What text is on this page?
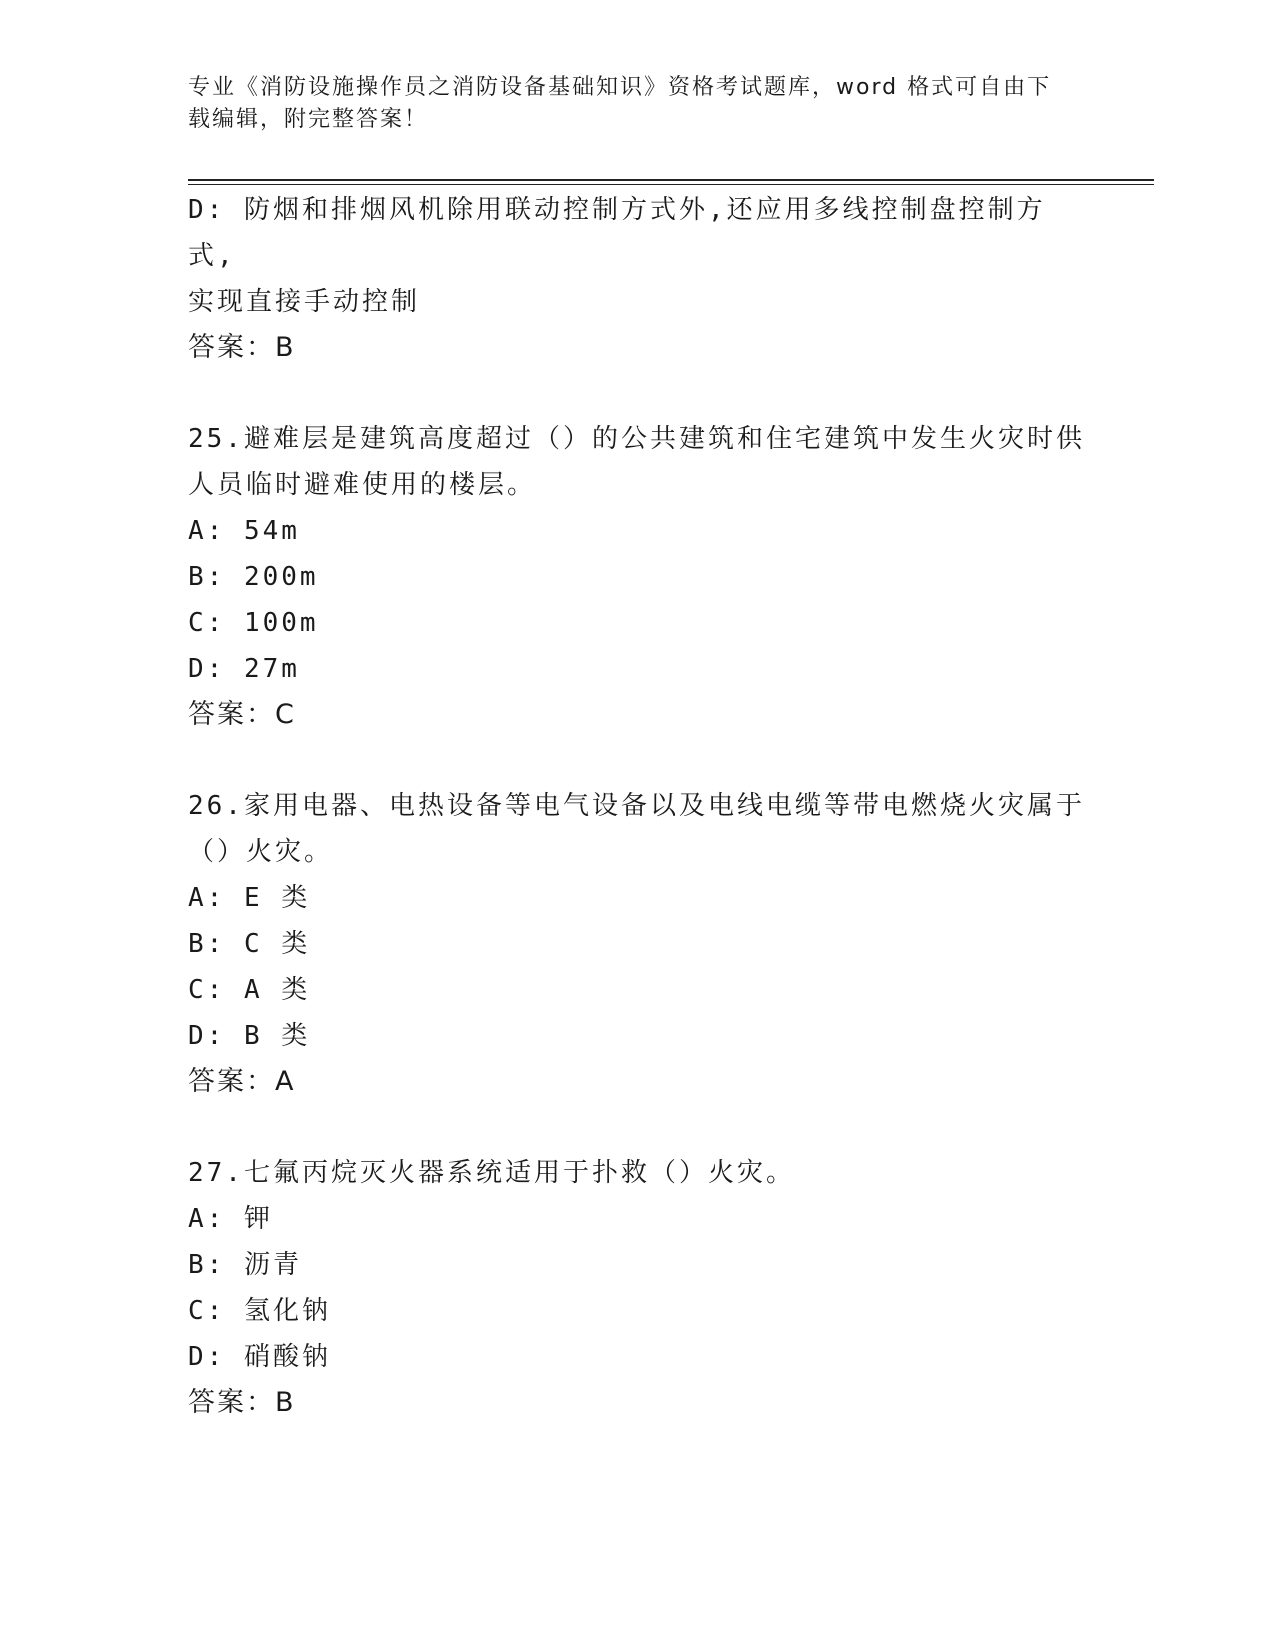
专业《消防设施操作员之消防设备基础知识》资格考试题库，word 格式可自由下
载编辑，附完整答案！
D: 防烟和排烟风机除用联动控制方式外,还应用多线控制盘控制方式,
实现直接手动控制
答案：B
25.避难层是建筑高度超过（）的公共建筑和住宅建筑中发生火灾时供
人员临时避难使用的楼层。
A: 54m
B: 200m
C: 100m
D: 27m
答案：C
26.家用电器、电热设备等电气设备以及电线电缆等带电燃烧火灾属于
（）火灾。
A: E 类
B: C 类
C: A 类
D: B 类
答案：A
27.七氟丙烷灭火器系统适用于扑救（）火灾。
A: 钾
B: 沥青
C: 氢化钠
D: 硝酸钠
答案：B
